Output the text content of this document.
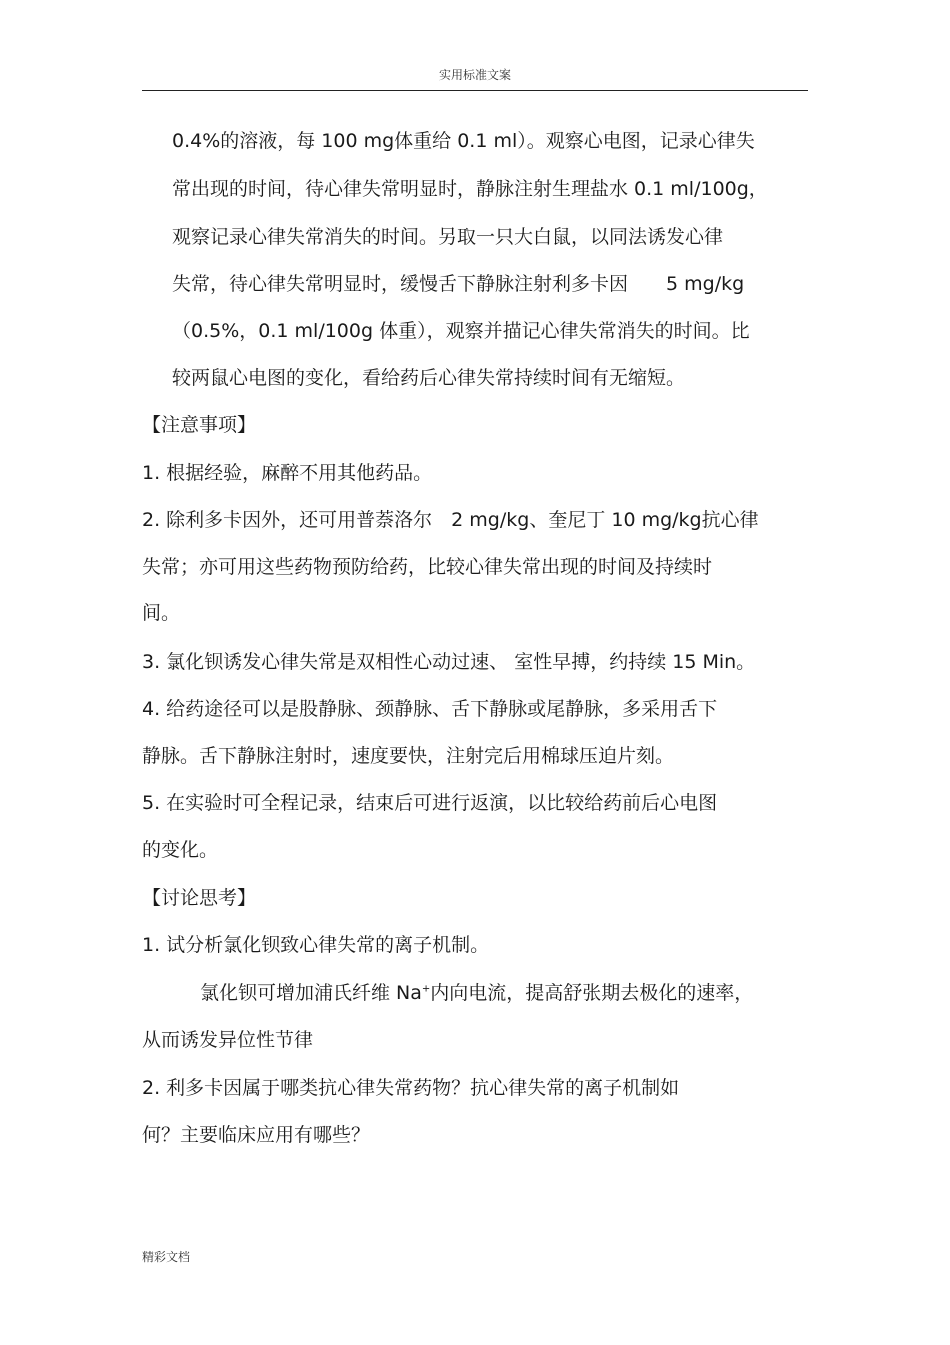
实用标准文案
0.4%的溶液，每 100 mg体重给 0.1 ml）。观察心电图，记录心律失
常出现的时间，待心律失常明显时，静脉注射生理盐水 0.1 ml/100g，
观察记录心律失常消失的时间。另取一只大白鼠，以同法诱发心律
失常，待心律失常明显时，缓慢舌下静脉注射利多卡因　　5 mg/kg
（0.5%，0.1 ml/100g 体重），观察并描记心律失常消失的时间。比
较两鼠心电图的变化，看给药后心律失常持续时间有无缩短。
【注意事项】
1. 根据经验，麻醉不用其他药品。
2. 除利多卡因外，还可用普萘洛尔　2 mg/kg、奎尼丁 10 mg/kg抗心律
失常；亦可用这些药物预防给药，比较心律失常出现的时间及持续时
间。
3. 氯化钡诱发心律失常是双相性心动过速、 室性早搏，约持续 15 Min。
4. 给药途径可以是股静脉、颈静脉、舌下静脉或尾静脉，多采用舌下
静脉。舌下静脉注射时，速度要快，注射完后用棉球压迫片刻。
5. 在实验时可全程记录，结束后可进行返演，以比较给药前后心电图
的变化。
【讨论思考】
1. 试分析氯化钡致心律失常的离子机制。
氯化钡可增加浦氏纤维 Na+内向电流，提高舒张期去极化的速率，
从而诱发异位性节律
2. 利多卡因属于哪类抗心律失常药物？抗心律失常的离子机制如
何？主要临床应用有哪些？
精彩文档
